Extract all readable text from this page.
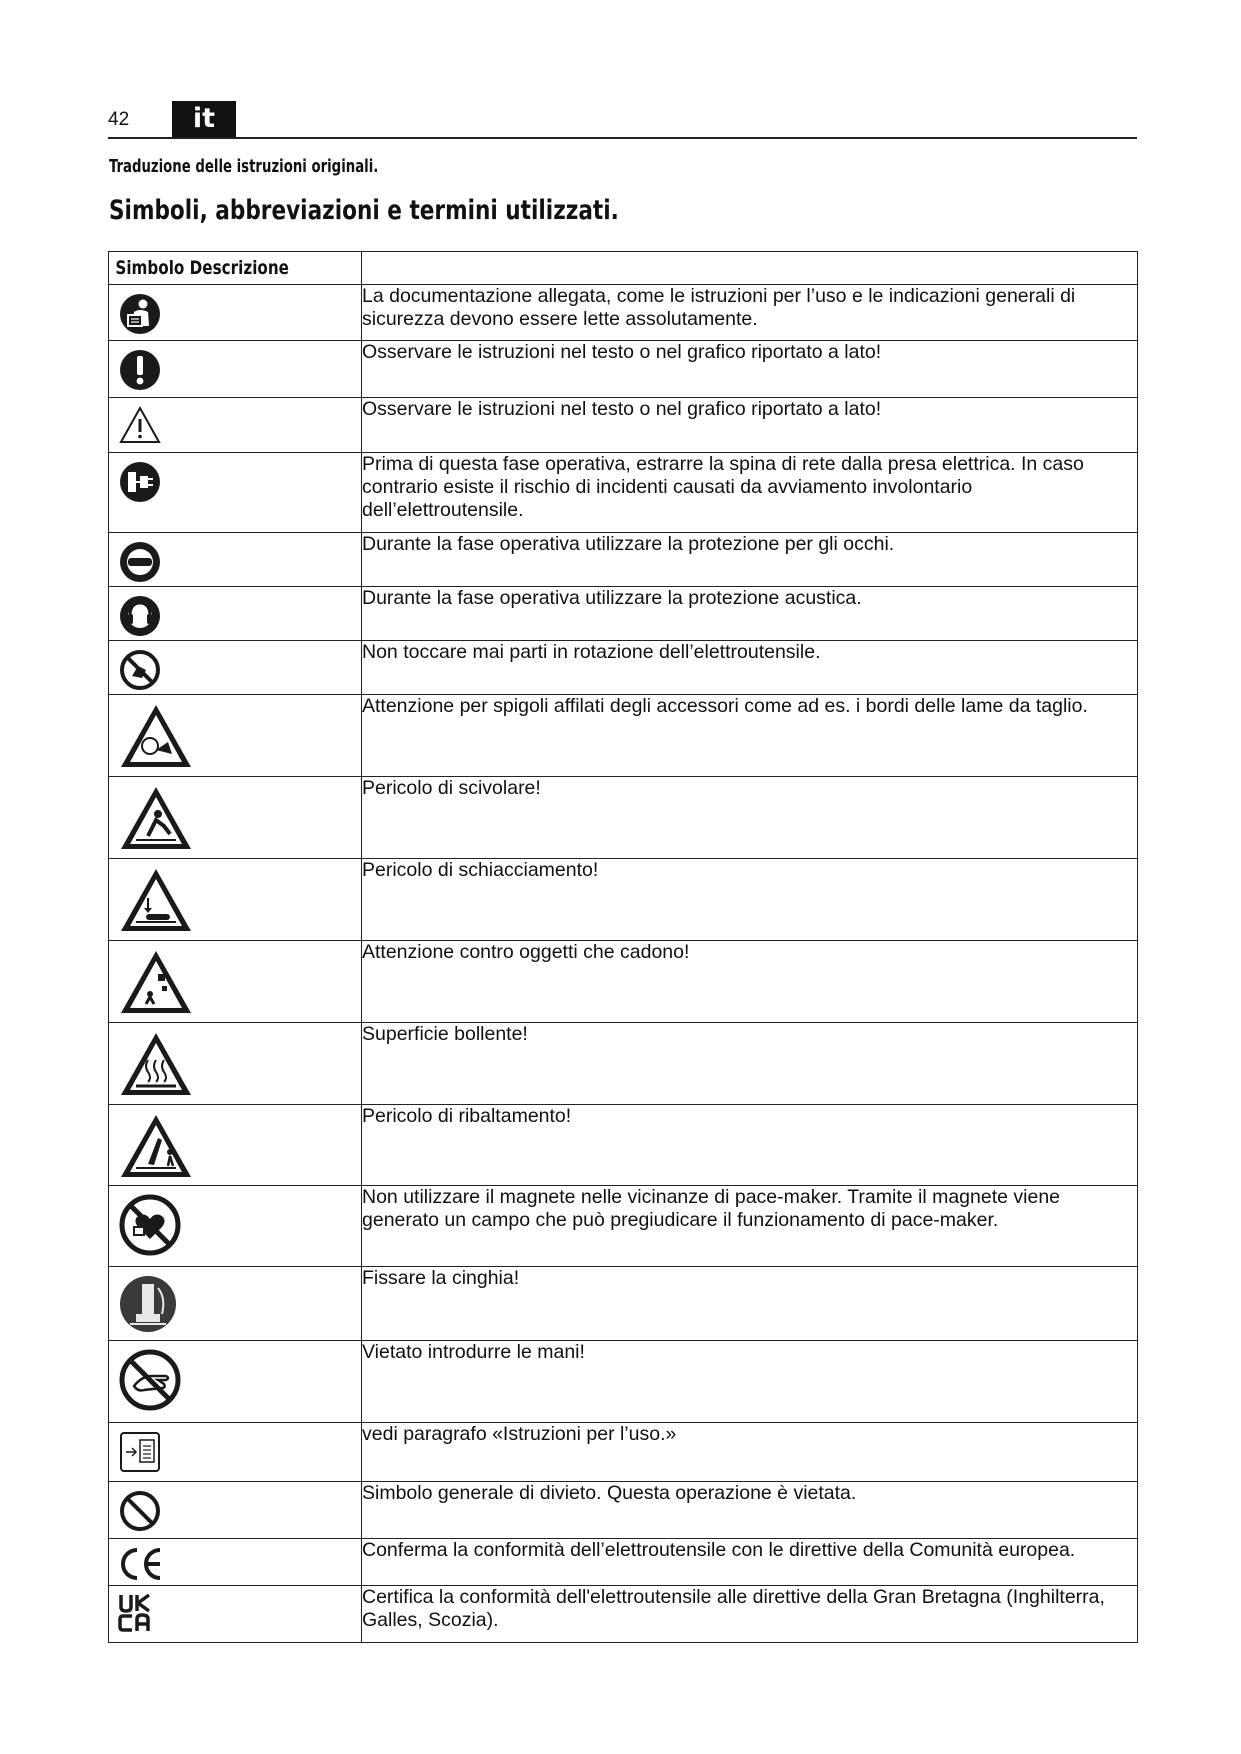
42	it
Traduzione delle istruzioni originali.
Simboli, abbreviazioni e termini utilizzati.
Simbolo Descrizione	

	La documentazione allegata, come le istruzioni per l’uso e le indicazioni generali di sicurezza devono essere lette assolutamente.

	Osservare le istruzioni nel testo o nel grafico riportato a lato!

	Osservare le istruzioni nel testo o nel grafico riportato a lato!

	Prima di questa fase operativa, estrarre la spina di rete dalla presa elettrica. In caso contrario esiste il rischio di incidenti causati da avviamento involontario dell’elettroutensile.

	Durante la fase operativa utilizzare la protezione per gli occhi.

	Durante la fase operativa utilizzare la protezione acustica.

	Non toccare mai parti in rotazione dell’elettroutensile.

	Attenzione per spigoli affilati degli accessori come ad es. i bordi delle lame da taglio.

	Pericolo di scivolare!

	Pericolo di schiacciamento!

	Attenzione contro oggetti che cadono!

	Superficie bollente!

	Pericolo di ribaltamento!

	Non utilizzare il magnete nelle vicinanze di pace-maker. Tramite il magnete viene generato un campo che può pregiudicare il funzionamento di pace-maker.

	Fissare la cinghia!

	Vietato introdurre le mani!

	vedi paragrafo «Istruzioni per l’uso.»

	Simbolo generale di divieto. Questa operazione è vietata.

	Conferma la conformità dell’elettroutensile con le direttive della Comunità europea.

	Certifica la conformità dell'elettroutensile alle direttive della Gran Bretagna (Inghilterra, Galles, Scozia).
